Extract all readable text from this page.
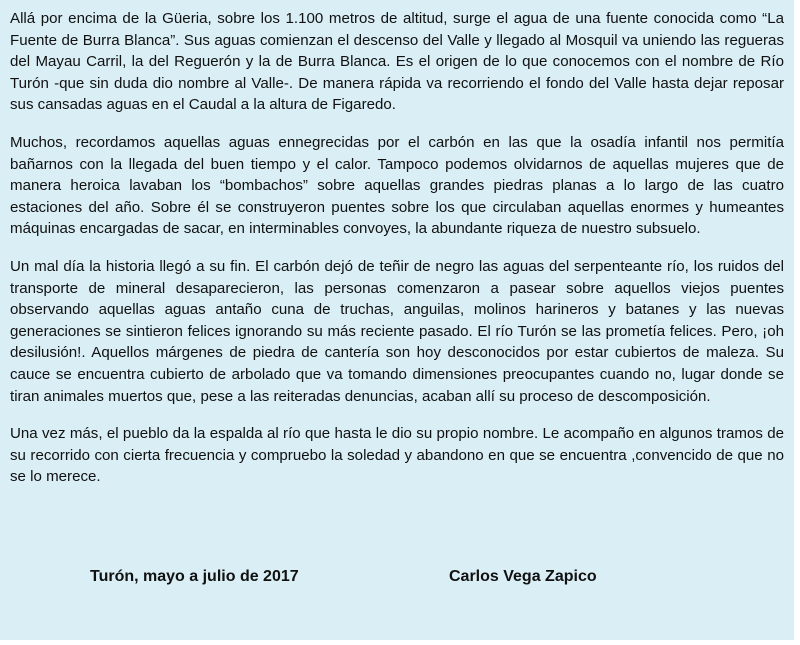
Allá por encima de la Güeria, sobre los 1.100 metros de altitud, surge el agua de una fuente conocida como “La Fuente de Burra Blanca”. Sus aguas comienzan el descenso del Valle y llegado al Mosquil va uniendo las regueras del Mayau Carril, la del Reguerón y la de Burra Blanca. Es el origen de lo que conocemos con el nombre de Río Turón -que sin duda dio nombre al Valle-. De manera rápida va recorriendo el fondo del Valle hasta dejar reposar sus cansadas aguas en el Caudal a la altura de Figaredo.

Muchos, recordamos aquellas aguas ennegrecidas por el carbón en las que la osadía infantil nos permitía bañarnos con la llegada del buen tiempo y el calor. Tampoco podemos olvidarnos de aquellas mujeres que de manera heroica lavaban los “bombachos” sobre aquellas grandes piedras planas a lo largo de las cuatro estaciones del año. Sobre él se construyeron puentes sobre los que circulaban aquellas enormes y humeantes máquinas encargadas de sacar, en interminables convoyes, la abundante riqueza de nuestro subsuelo.

Un mal día la historia llegó a su fin. El carbón dejó de teñir de negro las aguas del serpenteante río, los ruidos del transporte de mineral desaparecieron, las personas comenzaron a pasear sobre aquellos viejos puentes observando aquellas aguas antaño cuna de truchas, anguilas, molinos harineros y batanes y las nuevas generaciones se sintieron felices ignorando su más reciente pasado. El río Turón se las prometía felices. Pero, ¡oh desilusión!. Aquellos márgenes de piedra de cantería son hoy desconocidos por estar cubiertos de maleza. Su cauce se encuentra cubierto de arbolado que va tomando dimensiones preocupantes cuando no, lugar donde se tiran animales muertos que, pese a las reiteradas denuncias, acaban allí su proceso de descomposición.

Una vez más, el pueblo da la espalda al río que hasta le dio su propio nombre. Le acompaño en algunos tramos de su recorrido con cierta frecuencia y compruebo la soledad y abandono en que se encuentra ,convencido de que no se lo merece.

Turón, mayo a julio de 2017	Carlos Vega Zapico
